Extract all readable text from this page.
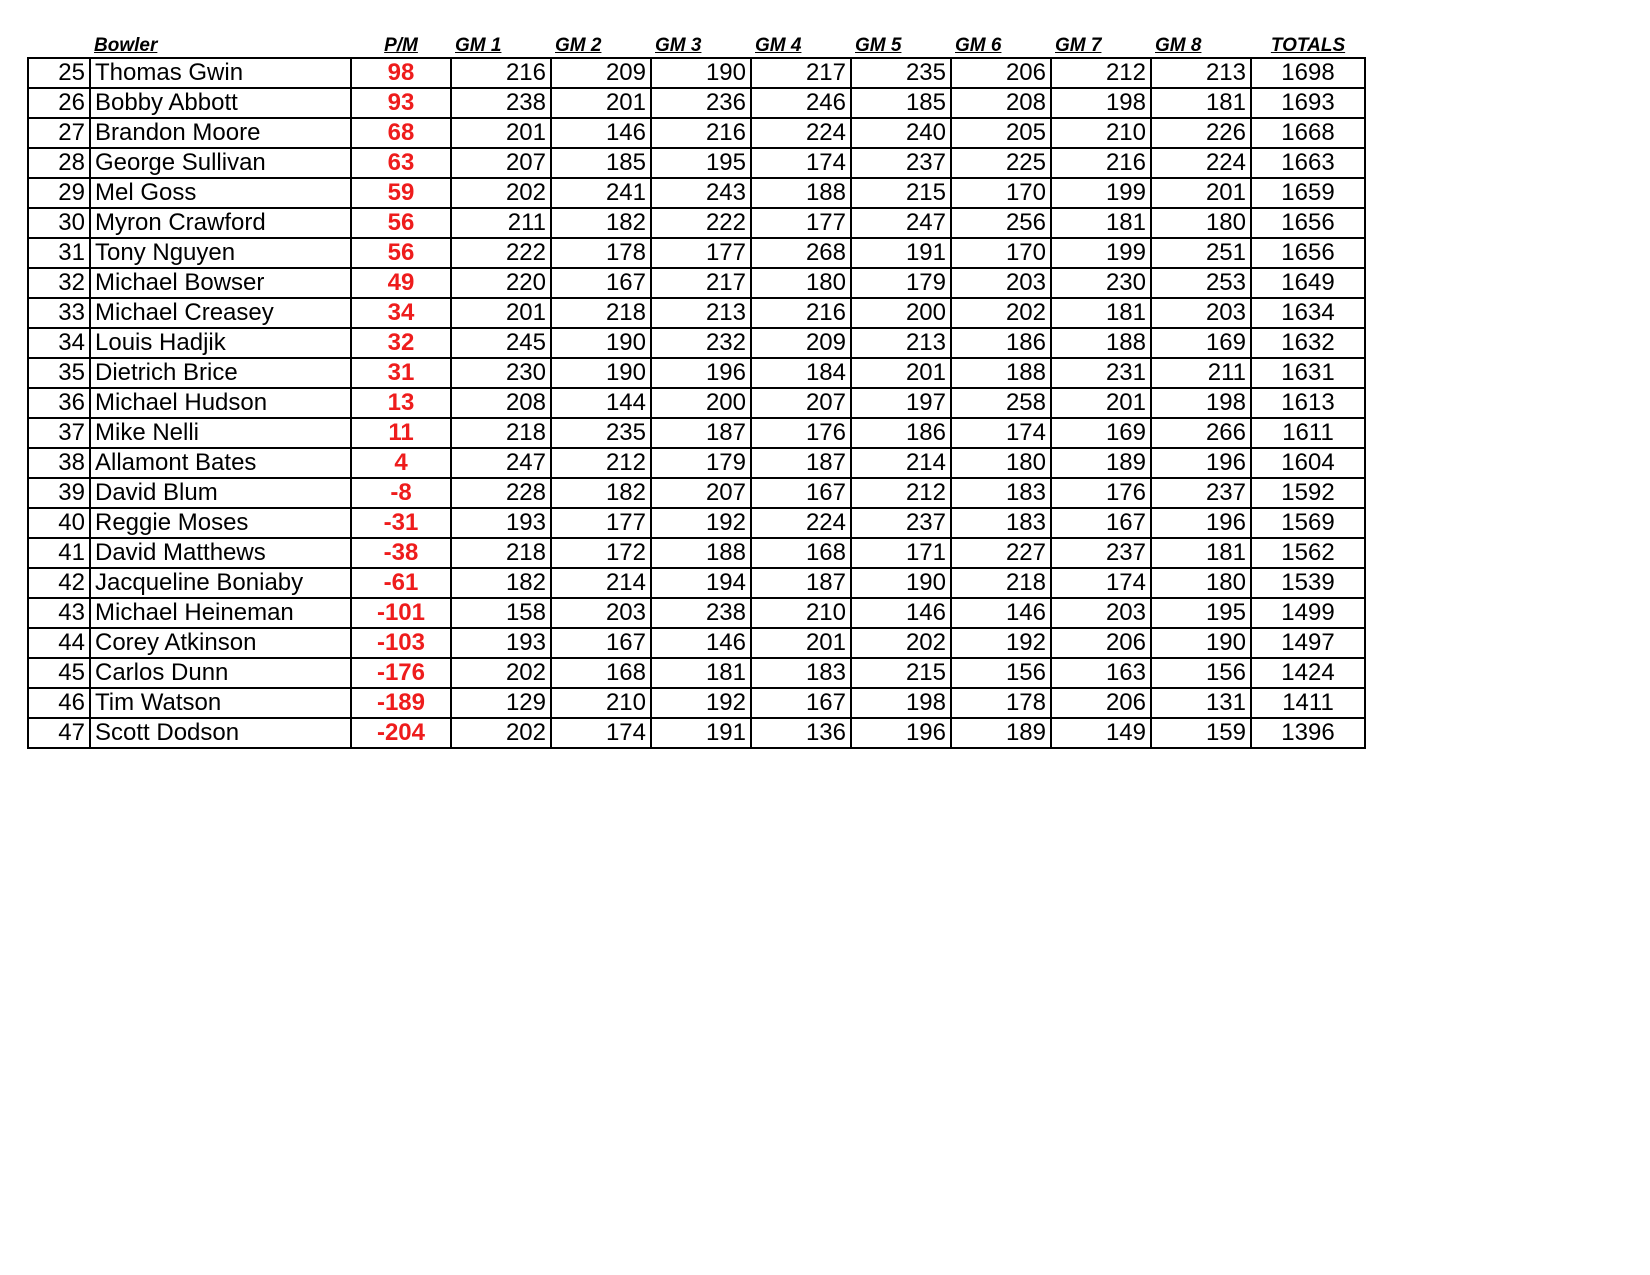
	Bowler	P/M	GM 1	GM 2	GM 3	GM 4	GM 5	GM 6	GM 7	GM 8	TOTALS
25	Thomas Gwin	98	216	209	190	217	235	206	212	213	1698
26	Bobby Abbott	93	238	201	236	246	185	208	198	181	1693
27	Brandon Moore	68	201	146	216	224	240	205	210	226	1668
28	George Sullivan	63	207	185	195	174	237	225	216	224	1663
29	Mel Goss	59	202	241	243	188	215	170	199	201	1659
30	Myron Crawford	56	211	182	222	177	247	256	181	180	1656
31	Tony Nguyen	56	222	178	177	268	191	170	199	251	1656
32	Michael Bowser	49	220	167	217	180	179	203	230	253	1649
33	Michael Creasey	34	201	218	213	216	200	202	181	203	1634
34	Louis Hadjik	32	245	190	232	209	213	186	188	169	1632
35	Dietrich Brice	31	230	190	196	184	201	188	231	211	1631
36	Michael Hudson	13	208	144	200	207	197	258	201	198	1613
37	Mike Nelli	11	218	235	187	176	186	174	169	266	1611
38	Allamont Bates	4	247	212	179	187	214	180	189	196	1604
39	David Blum	-8	228	182	207	167	212	183	176	237	1592
40	Reggie Moses	-31	193	177	192	224	237	183	167	196	1569
41	David Matthews	-38	218	172	188	168	171	227	237	181	1562
42	Jacqueline Boniaby	-61	182	214	194	187	190	218	174	180	1539
43	Michael Heineman	-101	158	203	238	210	146	146	203	195	1499
44	Corey Atkinson	-103	193	167	146	201	202	192	206	190	1497
45	Carlos Dunn	-176	202	168	181	183	215	156	163	156	1424
46	Tim Watson	-189	129	210	192	167	198	178	206	131	1411
47	Scott Dodson	-204	202	174	191	136	196	189	149	159	1396
